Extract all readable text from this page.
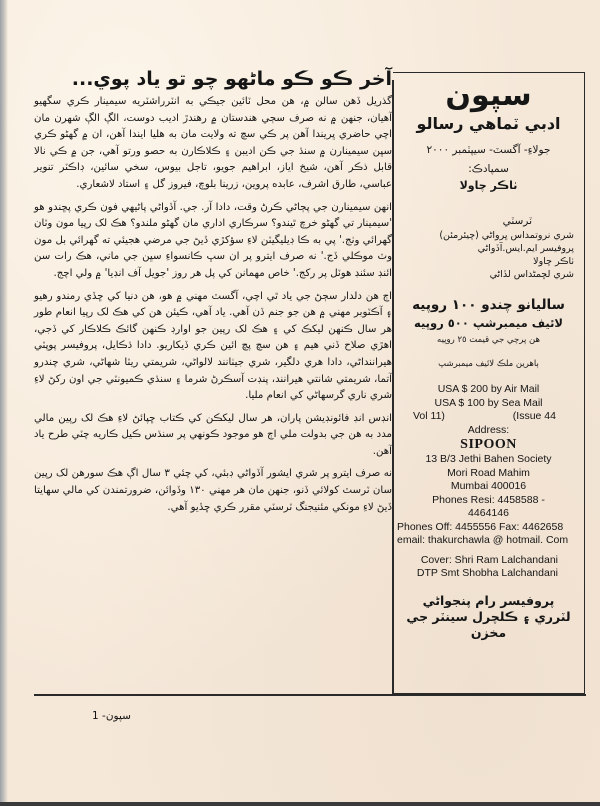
آخر ڪو ڪو ماڻهو چو تو ياد پوي...

گذريل ڏهن سالن ۾، هن محل ٽائين جيڪي به انٽرراشٽريه سيمينار ڪري سگهيو آهيان، جنهن ۾ نه صرف سڄي هندستان ۾ رهندڙ اديب دوست، الڳ الڳ شهرن مان اچي حاضري ڀريندا آهن پر ڪي سچ ته ولايت مان به هليا ايندا آهن، ان ۾ گهڻو ڪري سڀن سيمينارن ۾ سنڌ جي ڪن اديبن ۽ ڪلاڪارن به حصو ورتو آهي، جن ۾ ڪي نالا قابل ذڪر آهن، شيخ اياز، ابراهيم جويو، تاجل بيوس، سخي سائين، ڊاڪٽر تنوير عباسي، طارق اشرف، عابده پروين، زرينا بلوچ، فيروز گل ۽ استاد لاشعاري.

انهن سيمينارن جي پڄاڻي ڪرڻ وقت، دادا آر. جي. آڏواڻي پاڻيهي فون ڪري پڇندو هو 'سيمينار تي گهڻو خرچ ٿيندو؟ سرڪاري اداري مان گهڻو ملندو؟ هڪ لک رپيا مون وٽان گهرائي وٺج.' پي به ڪا ڊيليگيٽن لاءِ سؤکڙي ڏيڻ جي مرضي هجيئي ته گهرائي بل مون وٽ موڪلي ڏج.' نه صرف ايترو پر ان سڀ ڪانسواءِ سڀن جي ماني، هڪ رات سن ائنڊ سئنڊ هوٽل پر رکج.' خاص مهمانن کي پل هر روز 'جويل آف انڊيا' ۾ ولي اچج.

اڄ هن دلدار سڄڻ جي ياد ٿي اچي، آگسٽ مهني ۾ هو، هن دنيا کي ڇڏي رمندو رهيو ۽ آڪٽوبر مهني ۾ هن جو جنم ڏن آهي. ياد آهي، ڪيئن هن کي هڪ لک رپيا انعام طور هر سال ڪنهن ليکڪ کي ۽ هڪ لک رپين جو اوارڊ ڪنهن گائڪ ڪلاڪار کي ڏجي، اهڙي صلاح ڏني هيم ۽ هن سچ پچ ائين ڪري ڏيکاريو. دادا ڌڪايل، پروفيسر پوپٽي هيراننداڻي، دادا هري دلگير، شري جيٺانند لالواڻي، شريمتي ريٽا شهاڻي، شري چندرو آتما، شريمتي شانتي هيرانند، پنڊت آسڪرڻ شرما ۽ سنڌي ڪميونٽي جي اون رکڻ لاءِ شري ناري گرسهاڻي کي انعام مليا.

انڊس انڊ فائونڊيشن پاران، هر سال ليکڪن کي ڪتاب ڇپائڻ لاءِ هڪ لک رپين مالي مدد به هن جي بدولت ملي اڄ هو موجود ڪونهي پر سنڌس ڪيل ڪاريه چٽي طرح ياد آهن.

نه صرف ايترو پر شري ايشور آڏواڻي ڊبئي، کي چئي ٣ سال اڳ هڪ سورهن لک رپين سان ٽرسٽ کولائي ڏنو، جنهن مان هر مهني ١٣٠ وڏوائن، ضرورتمندن کي مالي سهايتا ڏيڻ لاءِ مونکي مئنيجنگ ٽرسٽي مقرر ڪري ڇڏيو آهي.

سپون
ادبي ٽماهي رسالو
جولاءِ- آگسٽ- سيپٽمبر ٢٠٠٠
سمپادڪ:
ٺاڪر چاولا
ٽرسٽي
شري نروتمداس ڀرواڻي (چيئرمئن)
پروفيسر ايم.ايس.آڏواڻي
ٺاڪر چاولا
شري لڇمڻداس لڏاڻي
ساليانو چندو ١٠٠ روپيه
لائيف ميمبرشپ ٥٠٠ روپيه
هن پرچي جي قيمت ٢٥ روپيه
ٻاهرين ملڪ لائيف ميمبرشپ
USA $ 200 by Air Mail
USA $ 100 by Sea Mail
Vol 11)	(Issue 44
Address:
SIPOON
13 B/3 Jethi Bahen Society
Mori Road Mahim
Mumbai 400016
Phones Resi: 4458588 -
4464146
Phones Off: 4455556 Fax: 4462658
email: thakurchawla @ hotmail. Com
Cover: Shri Ram Lalchandani
DTP Smt Shobha Lalchandani
پروفيسر رام پنجواڻي
لٽرري ۽ ڪلچرل سينٽر جي
مخزن
سپون- 1
